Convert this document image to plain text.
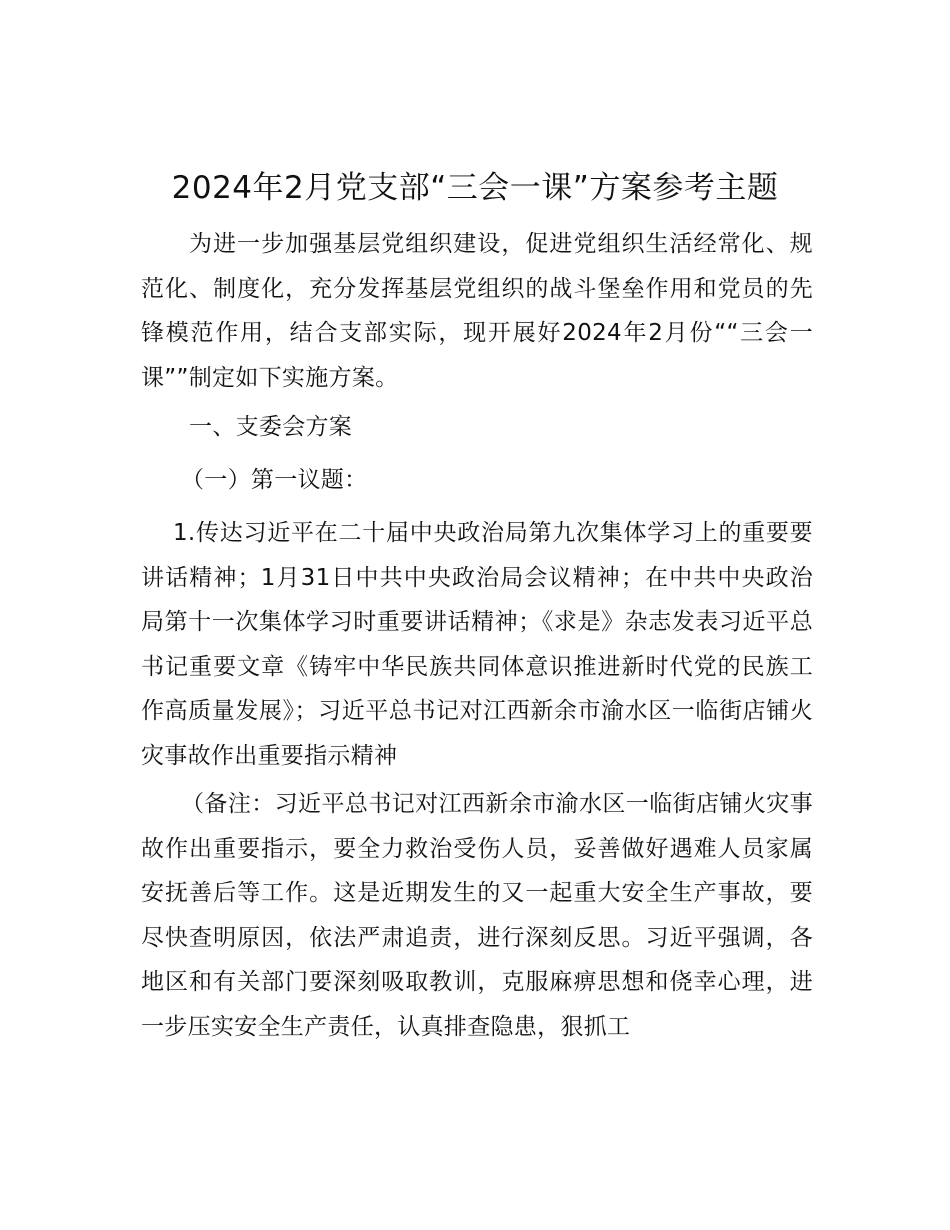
2024年2月党支部“三会一课”方案参考主题

为进一步加强基层党组织建设，促进党组织生活经常化、规范化、制度化，充分发挥基层党组织的战斗堡垒作用和党员的先锋模范作用，结合支部实际，现开展好2024年2月份““三会一课””制定如下实施方案。

一、支委会方案

（一）第一议题：

1.传达习近平在二十届中央政治局第九次集体学习上的重要要讲话精神；1月31日中共中央政治局会议精神；在中共中央政治局第十一次集体学习时重要讲话精神；《求是》杂志发表习近平总书记重要文章《铸牢中华民族共同体意识推进新时代党的民族工作高质量发展》；习近平总书记对江西新余市渝水区一临街店铺火灾事故作出重要指示精神

（备注：习近平总书记对江西新余市渝水区一临街店铺火灾事故作出重要指示，要全力救治受伤人员，妥善做好遇难人员家属安抚善后等工作。这是近期发生的又一起重大安全生产事故，要尽快查明原因，依法严肃追责，进行深刻反思。习近平强调，各地区和有关部门要深刻吸取教训，克服麻痹思想和侥幸心理，进一步压实安全生产责任，认真排查隐患，狠抓工
